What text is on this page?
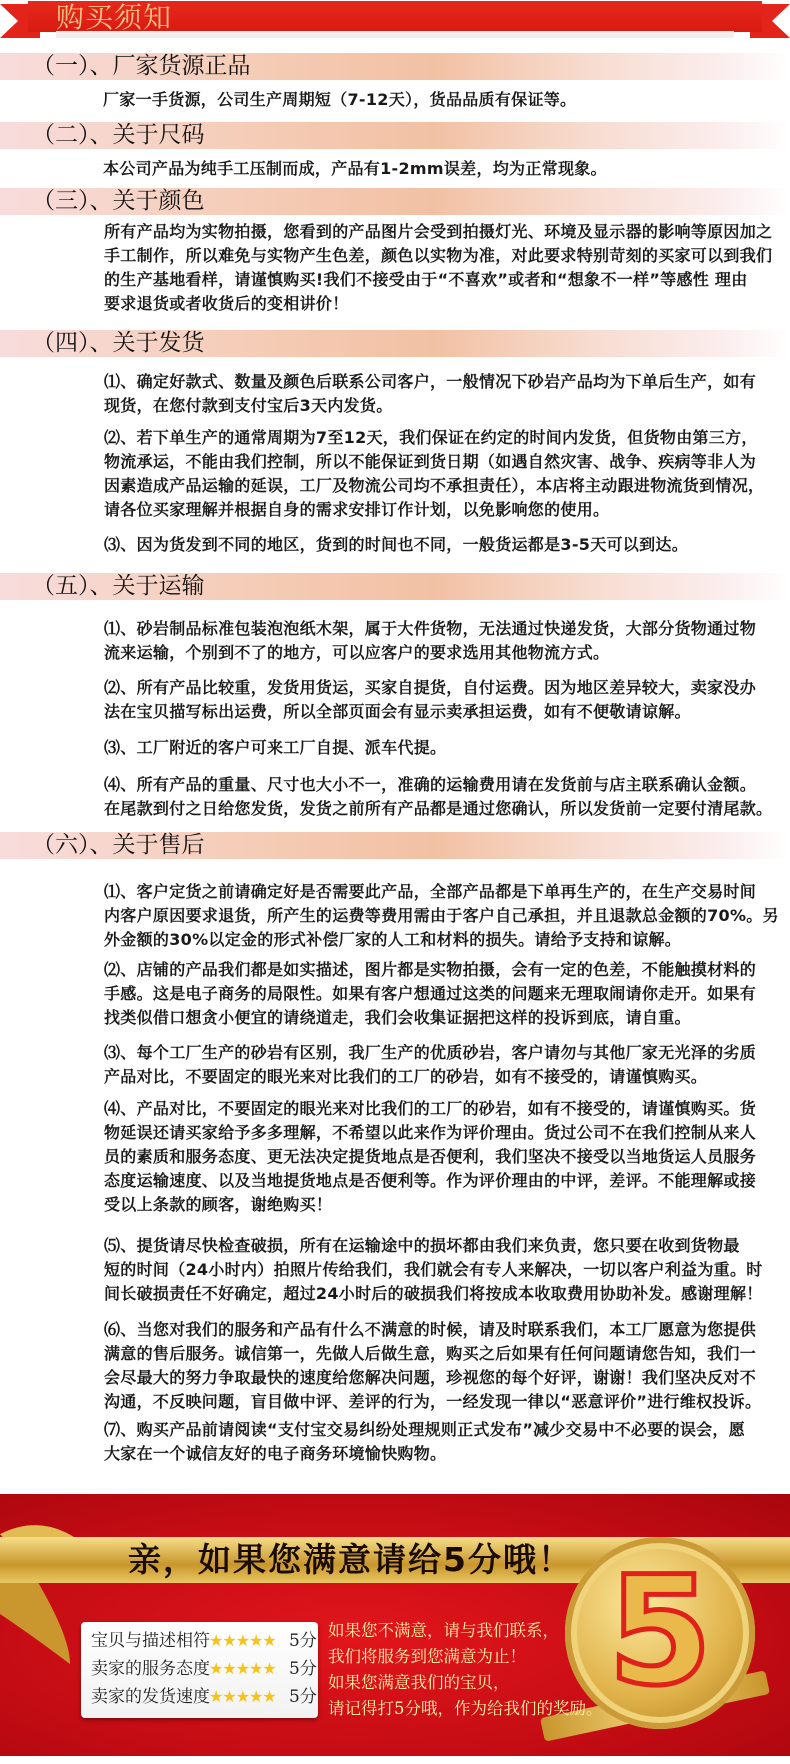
购买须知
（一）、厂家货源正品
厂家一手货源，公司生产周期短（7-12天），货品品质有保证等。
（二）、关于尺码
本公司产品为纯手工压制而成，产品有1-2mm误差，均为正常现象。
（三）、关于颜色
所有产品均为实物拍摄，您看到的产品图片会受到拍摄灯光、环境及显示器的影响等原因加之
手工制作，所以难免与实物产生色差，颜色以实物为准，对此要求特别苛刻的买家可以到我们
的生产基地看样，请谨慎购买!我们不接受由于“不喜欢”或者和“想象不一样”等感性 理由
要求退货或者收货后的变相讲价！
（四）、关于发货
⑴、确定好款式、数量及颜色后联系公司客户，一般情况下砂岩产品均为下单后生产，如有
现货，在您付款到支付宝后3天内发货。
⑵、若下单生产的通常周期为7至12天，我们保证在约定的时间内发货，但货物由第三方，
物流承运，不能由我们控制，所以不能保证到货日期（如遇自然灾害、战争、疾病等非人为
因素造成产品运输的延误，工厂及物流公司均不承担责任），本店将主动跟进物流货到情况，
请各位买家理解并根据自身的需求安排订作计划，以免影响您的使用。
⑶、因为货发到不同的地区，货到的时间也不同，一般货运都是3-5天可以到达。
（五）、关于运输
⑴、砂岩制品标准包装泡泡纸木架，属于大件货物，无法通过快递发货，大部分货物通过物
流来运输，个别到不了的地方，可以应客户的要求选用其他物流方式。
⑵、所有产品比较重，发货用货运，买家自提货，自付运费。因为地区差异较大，卖家没办
法在宝贝描写标出运费，所以全部页面会有显示卖承担运费，如有不便敬请谅解。
⑶、工厂附近的客户可来工厂自提、派车代提。
⑷、所有产品的重量、尺寸也大小不一，准确的运输费用请在发货前与店主联系确认金额。
在尾款到付之日给您发货，发货之前所有产品都是通过您确认，所以发货前一定要付清尾款。
（六）、关于售后
⑴、客户定货之前请确定好是否需要此产品，全部产品都是下单再生产的，在生产交易时间
内客户原因要求退货，所产生的运费等费用需由于客户自己承担，并且退款总金额的70%。另
外金额的30%以定金的形式补偿厂家的人工和材料的损失。请给予支持和谅解。
⑵、店铺的产品我们都是如实描述，图片都是实物拍摄，会有一定的色差，不能触摸材料的
手感。这是电子商务的局限性。如果有客户想通过这类的问题来无理取闹请你走开。如果有
找类似借口想贪小便宜的请绕道走，我们会收集证据把这样的投诉到底，请自重。
⑶、每个工厂生产的砂岩有区别，我厂生产的优质砂岩，客户请勿与其他厂家无光泽的劣质
产品对比，不要固定的眼光来对比我们的工厂的砂岩，如有不接受的，请谨慎购买。
⑷、产品对比，不要固定的眼光来对比我们的工厂的砂岩，如有不接受的，请谨慎购买。货
物延误还请买家给予多多理解，不希望以此来作为评价理由。货过公司不在我们控制从来人
员的素质和服务态度、更无法决定提货地点是否便利，我们坚决不接受以当地货运人员服务
态度运输速度、以及当地提货地点是否便利等。作为评价理由的中评，差评。不能理解或接
受以上条款的顾客，谢绝购买！
⑸、提货请尽快检查破损，所有在运输途中的损坏都由我们来负责，您只要在收到货物最
短的时间（24小时内）拍照片传给我们，我们就会有专人来解决，一切以客户利益为重。时
间长破损责任不好确定，超过24小时后的破损我们将按成本收取费用协助补发。感谢理解！
⑹、当您对我们的服务和产品有什么不满意的时候，请及时联系我们，本工厂愿意为您提供
满意的售后服务。诚信第一，先做人后做生意，购买之后如果有任何问题请您告知，我们一
会尽最大的努力争取最快的速度给您解决问题，珍视您的每个好评，谢谢！我们坚决反对不
沟通，不反映问题，盲目做中评、差评的行为，一经发现一律以“恶意评价”进行维权投诉。
⑺、购买产品前请阅读“支付宝交易纠纷处理规则正式发布”减少交易中不必要的误会，愿
大家在一个诚信友好的电子商务环境愉快购物。
亲，如果您满意请给5分哦！ 5
宝贝与描述相符 ★★★★★ 5分
卖家的服务态度 ★★★★★ 5分
卖家的发货速度 ★★★★★ 5分
如果您不满意，请与我们联系，
我们将服务到您满意为止！
如果您满意我们的宝贝，
请记得打5分哦，作为给我们的奖励。
